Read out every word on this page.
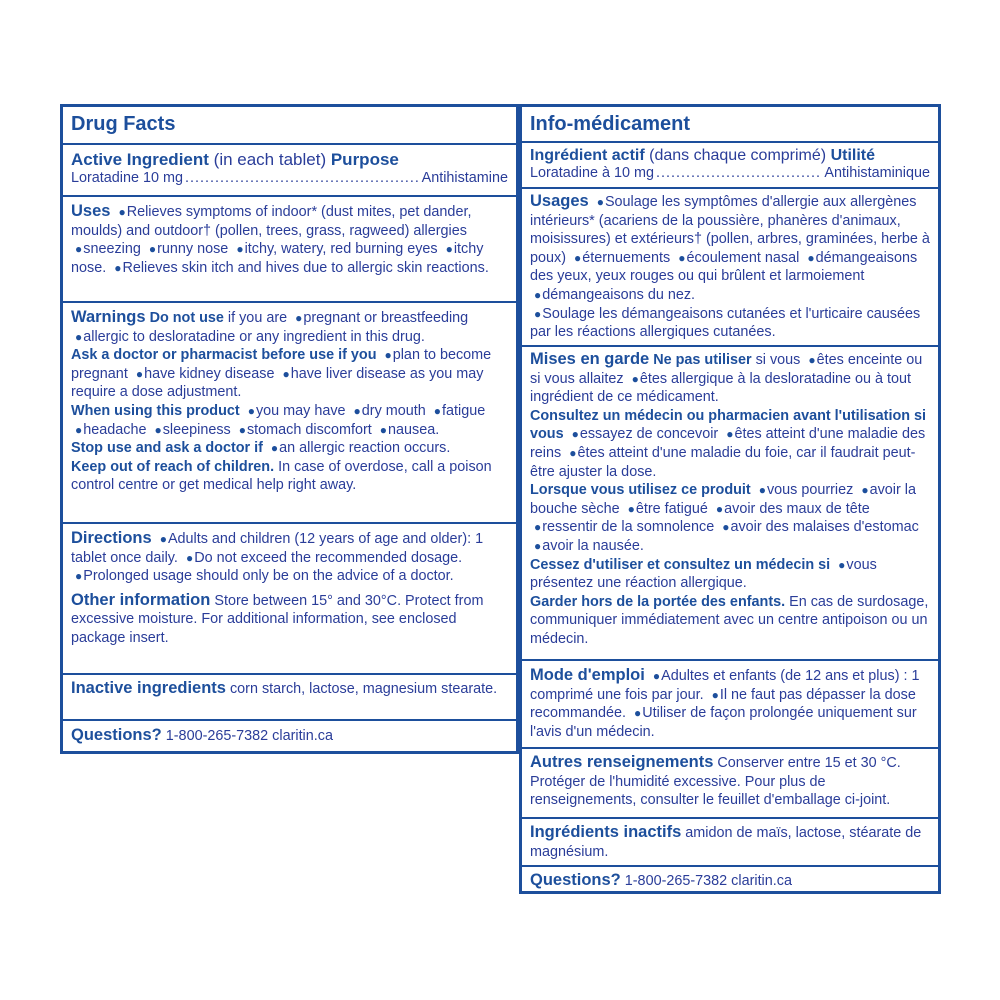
Drug Facts
Active Ingredient (in each tablet) Purpose
Loratadine 10 mg .....	Antihistamine
Uses ●Relieves symptoms of indoor* (dust mites, pet dander, moulds) and outdoor† (pollen, trees, grass, ragweed) allergies ●sneezing ●runny nose ●itchy, watery, red burning eyes ●itchy nose. ●Relieves skin itch and hives due to allergic skin reactions.
Warnings Do not use if you are ●pregnant or breastfeeding ●allergic to desloratadine or any ingredient in this drug.
Ask a doctor or pharmacist before use if you ●plan to become pregnant ●have kidney disease ●have liver disease as you may require a dose adjustment.
When using this product ●you may have ●dry mouth ●fatigue ●headache ●sleepiness ●stomach discomfort ●nausea.
Stop use and ask a doctor if ●an allergic reaction occurs.
Keep out of reach of children. In case of overdose, call a poison control centre or get medical help right away.
Directions ●Adults and children (12 years of age and older): 1 tablet once daily. ●Do not exceed the recommended dosage. ●Prolonged usage should only be on the advice of a doctor.
Other information Store between 15° and 30°C. Protect from excessive moisture. For additional information, see enclosed package insert.
Inactive ingredients corn starch, lactose, magnesium stearate.
Questions? 1-800-265-7382 claritin.ca
Info-médicament
Ingrédient actif (dans chaque comprimé) Utilité
Loratadine à 10 mg .....	Antihistaminique
Usages ●Soulage les symptômes d'allergie aux allergènes intérieurs* (acariens de la poussière, phanères d'animaux, moisissures) et extérieurs† (pollen, arbres, graminées, herbe à poux) ●éternuements ●écoulement nasal ●démangeaisons des yeux, yeux rouges ou qui brûlent et larmoiement ●démangeaisons du nez.
●Soulage les démangeaisons cutanées et l'urticaire causées par les réactions allergiques cutanées.
Mises en garde Ne pas utiliser si vous ●êtes enceinte ou si vous allaitez ●êtes allergique à la desloratadine ou à tout ingrédient de ce médicament.
Consultez un médecin ou pharmacien avant l'utilisation si vous ●essayez de concevoir ●êtes atteint d'une maladie des reins ●êtes atteint d'une maladie du foie, car il faudrait peut-être ajuster la dose.
Lorsque vous utilisez ce produit ●vous pourriez ●avoir la bouche sèche ●être fatigué ●avoir des maux de tête ●ressentir de la somnolence ●avoir des malaises d'estomac ●avoir la nausée.
Cessez d'utiliser et consultez un médecin si ●vous présentez une réaction allergique.
Garder hors de la portée des enfants. En cas de surdosage, communiquer immédiatement avec un centre antipoison ou un médecin.
Mode d'emploi ●Adultes et enfants (de 12 ans et plus) : 1 comprimé une fois par jour. ●Il ne faut pas dépasser la dose recommandée. ●Utiliser de façon prolongée uniquement sur l'avis d'un médecin.
Autres renseignements Conserver entre 15 et 30 °C. Protéger de l'humidité excessive. Pour plus de renseignements, consulter le feuillet d'emballage ci-joint.
Ingrédients inactifs amidon de maïs, lactose, stéarate de magnésium.
Questions? 1-800-265-7382 claritin.ca
